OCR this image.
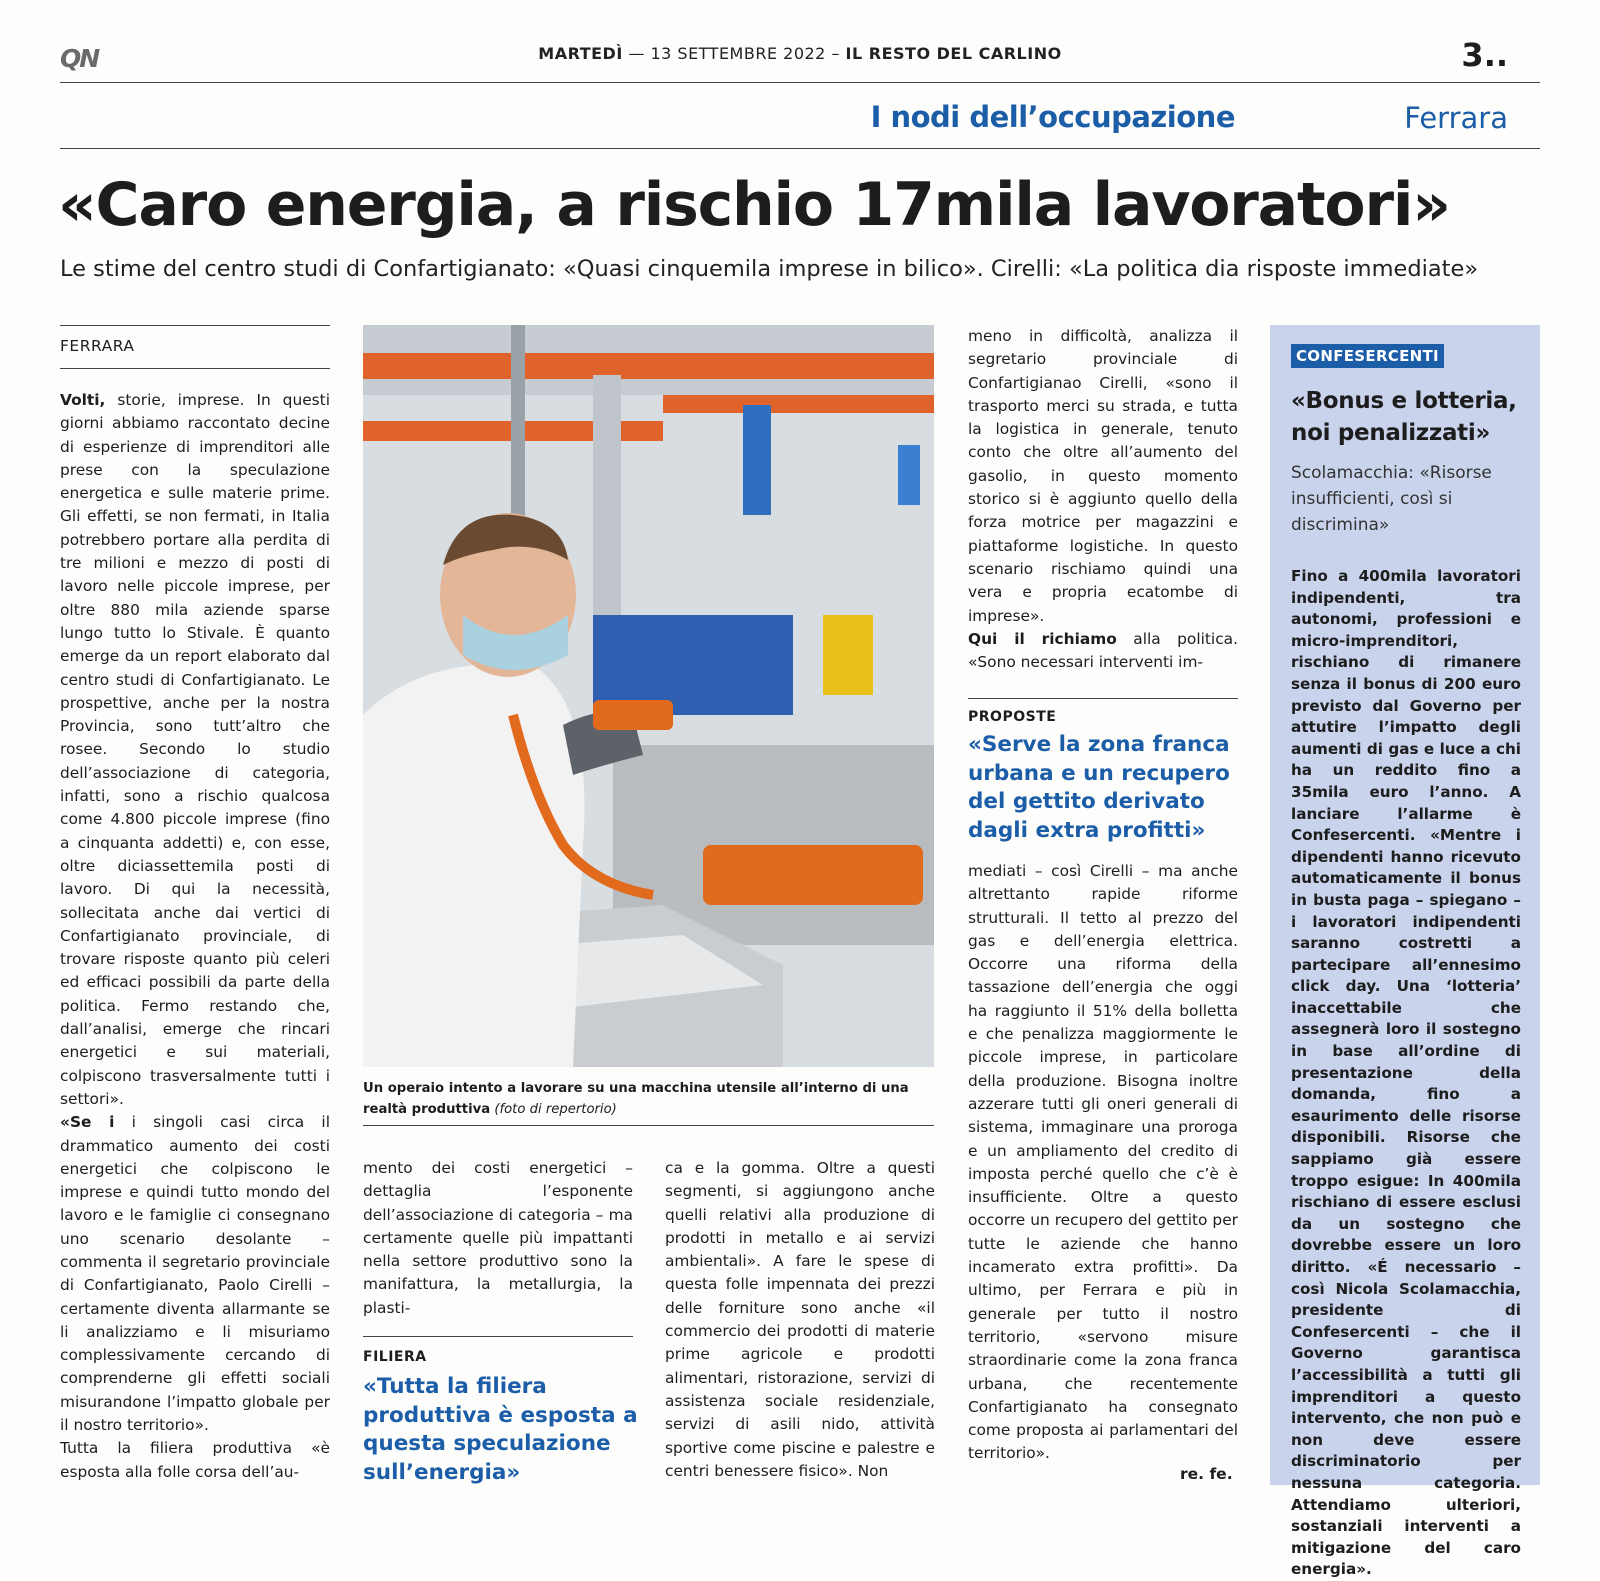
QN	MARTEDÌ — 13 SETTEMBRE 2022 – IL RESTO DEL CARLINO	3..
I nodi dell’occupazione	Ferrara
«Caro energia, a rischio 17mila lavoratori»
Le stime del centro studi di Confartigianato: «Quasi cinquemila imprese in bilico». Cirelli: «La politica dia risposte immediate»
FERRARA

Volti, storie, imprese. In questi giorni abbiamo raccontato decine di esperienze di imprenditori alle prese con la speculazione energetica e sulle materie prime. Gli effetti, se non fermati, in Italia potrebbero portare alla perdita di tre milioni e mezzo di posti di lavoro nelle piccole imprese, per oltre 880 mila aziende sparse lungo tutto lo Stivale. È quanto emerge da un report elaborato dal centro studi di Confartigianato. Le prospettive, anche per la nostra Provincia, sono tutt’altro che rosee. Secondo lo studio dell’associazione di categoria, infatti, sono a rischio qualcosa come 4.800 piccole imprese (fino a cinquanta addetti) e, con esse, oltre diciassettemila posti di lavoro. Di qui la necessità, sollecitata anche dai vertici di Confartigianato provinciale, di trovare risposte quanto più celeri ed efficaci possibili da parte della politica. Fermo restando che, dall’analisi, emerge che rincari energetici e sui materiali, colpiscono trasversalmente tutti i settori».

«Se i i singoli casi circa il drammatico aumento dei costi energetici che colpiscono le imprese e quindi tutto mondo del lavoro e le famiglie ci consegnano uno scenario desolante – commenta il segretario provinciale di Confartigianato, Paolo Cirelli – certamente diventa allarmante se li analizziamo e li misuriamo complessivamente cercando di comprenderne gli effetti sociali misurandone l’impatto globale per il nostro territorio».

Tutta la filiera produttiva «è esposta alla folle corsa dell’au-

Un operaio intento a lavorare su una macchina utensile all’interno di una realtà produttiva (foto di repertorio)

mento dei costi energetici – dettaglia l’esponente dell’associazione di categoria – ma certamente quelle più impattanti nella settore produttivo sono la manifattura, la metallurgia, la plasti-

FILIERA
«Tutta la filiera produttiva è esposta a questa speculazione sull’energia»

ca e la gomma. Oltre a questi segmenti, si aggiungono anche quelli relativi alla produzione di prodotti in metallo e ai servizi ambientali». A fare le spese di questa folle impennata dei prezzi delle forniture sono anche «il commercio dei prodotti di materie prime agricole e prodotti alimentari, ristorazione, servizi di assistenza sociale residenziale, servizi di asili nido, attività sportive come piscine e palestre e centri benessere fisico». Non

meno in difficoltà, analizza il segretario provinciale di Confartigianao Cirelli, «sono il trasporto merci su strada, e tutta la logistica in generale, tenuto conto che oltre all’aumento del gasolio, in questo momento storico si è aggiunto quello della forza motrice per magazzini e piattaforme logistiche. In questo scenario rischiamo quindi una vera e propria ecatombe di imprese».

Qui il richiamo alla politica. «Sono necessari interventi im-

PROPOSTE
«Serve la zona franca urbana e un recupero del gettito derivato dagli extra profitti»

mediati – così Cirelli – ma anche altrettanto rapide riforme strutturali. Il tetto al prezzo del gas e dell’energia elettrica. Occorre una riforma della tassazione dell’energia che oggi ha raggiunto il 51% della bolletta e che penalizza maggiormente le piccole imprese, in particolare della produzione. Bisogna inoltre azzerare tutti gli oneri generali di sistema, immaginare una proroga e un ampliamento del credito di imposta perché quello che c’è è insufficiente. Oltre a questo occorre un recupero del gettito per tutte le aziende che hanno incamerato extra profitti». Da ultimo, per Ferrara e più in generale per tutto il nostro territorio, «servono misure straordinarie come la zona franca urbana, che recentemente Confartigianato ha consegnato come proposta ai parlamentari del territorio».

re. fe.
CONFESERCENTI
«Bonus e lotteria, noi penalizzati»
Scolamacchia: «Risorse insufficienti, così si discrimina»
Fino a 400mila lavoratori indipendenti, tra autonomi, professioni e micro-imprenditori, rischiano di rimanere senza il bonus di 200 euro previsto dal Governo per attutire l’impatto degli aumenti di gas e luce a chi ha un reddito fino a 35mila euro l’anno. A lanciare l’allarme è Confesercenti. «Mentre i dipendenti hanno ricevuto automaticamente il bonus in busta paga – spiegano – i lavoratori indipendenti saranno costretti a partecipare all’ennesimo click day. Una ‘lotteria’ inaccettabile che assegnerà loro il sostegno in base all’ordine di presentazione della domanda, fino a esaurimento delle risorse disponibili. Risorse che sappiamo già essere troppo esigue: In 400mila rischiano di essere esclusi da un sostegno che dovrebbe essere un loro diritto. «É necessario – così Nicola Scolamacchia, presidente di Confesercenti – che il Governo garantisca l’accessibilità a tutti gli imprenditori a questo intervento, che non può e non deve essere discriminatorio per nessuna categoria. Attendiamo ulteriori, sostanziali interventi a mitigazione del caro energia».
